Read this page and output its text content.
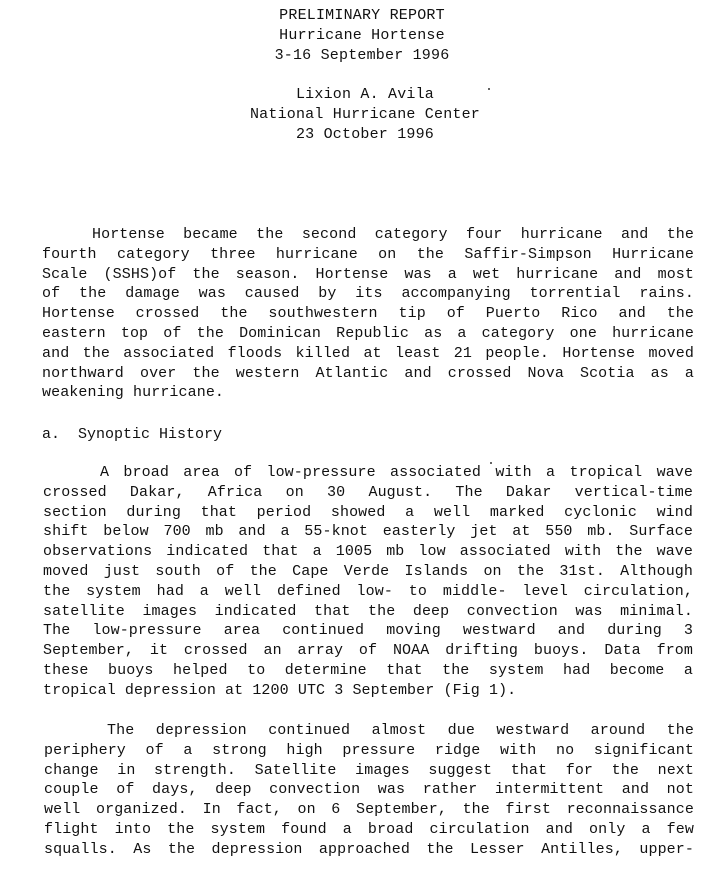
PRELIMINARY REPORT
Hurricane Hortense
3-16 September 1996
Lixion A. Avila
National Hurricane Center
23 October 1996
Hortense became the second category four hurricane and the
fourth category three hurricane on the Saffir-Simpson Hurricane
Scale (SSHS)of the season. Hortense was a wet hurricane and most
of the damage was caused by its accompanying torrential rains.
Hortense crossed the southwestern tip of Puerto Rico and the
eastern top of the Dominican Republic as a category one hurricane
and the associated floods killed at least 21 people. Hortense moved
northward over the western Atlantic and crossed Nova Scotia as a
weakening hurricane.
a.  Synoptic History
A broad area of low-pressure associated with a tropical wave
crossed Dakar, Africa on 30 August. The Dakar vertical-time
section during that period showed a well marked cyclonic wind
shift below 700 mb and a 55-knot easterly jet at 550 mb. Surface
observations indicated that a 1005 mb low associated with the wave
moved just south of the Cape Verde Islands on the 31st. Although
the system had a well defined low- to middle- level circulation,
satellite images indicated that the deep convection was minimal.
The low-pressure area continued moving westward and during 3
September, it crossed an array of NOAA drifting buoys. Data from
these buoys helped to determine that the system had become a
tropical depression at 1200 UTC 3 September (Fig 1).
The depression continued almost due westward around the
periphery of a strong high pressure ridge with no significant
change in strength. Satellite images suggest that for the next
couple of days, deep convection was rather intermittent and not
well organized. In fact, on 6 September, the first reconnaissance
flight into the system found a broad circulation and only a few
squalls. As the depression approached the Lesser Antilles, upper-
